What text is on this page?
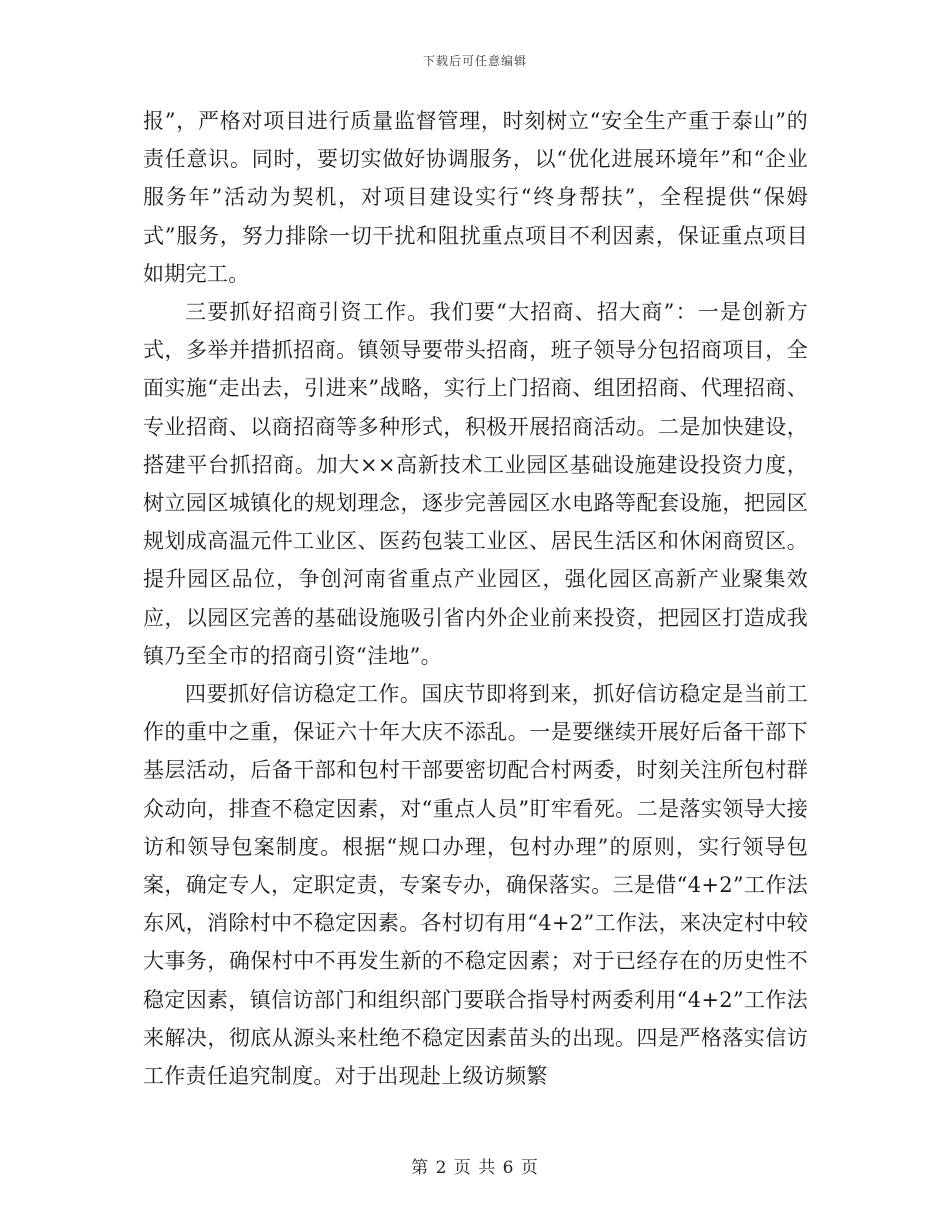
下载后可任意编辑

报”，严格对项目进行质量监督管理，时刻树立“安全生产重于泰山”的责任意识。同时，要切实做好协调服务，以“优化进展环境年”和“企业服务年”活动为契机，对项目建设实行“终身帮扶”，全程提供“保姆式”服务，努力排除一切干扰和阻扰重点项目不利因素，保证重点项目如期完工。

三要抓好招商引资工作。我们要“大招商、招大商”：一是创新方式，多举并措抓招商。镇领导要带头招商，班子领导分包招商项目，全面实施“走出去，引进来”战略，实行上门招商、组团招商、代理招商、专业招商、以商招商等多种形式，积极开展招商活动。二是加快建设，搭建平台抓招商。加大××高新技术工业园区基础设施建设投资力度，树立园区城镇化的规划理念，逐步完善园区水电路等配套设施，把园区规划成高温元件工业区、医药包装工业区、居民生活区和休闲商贸区。提升园区品位，争创河南省重点产业园区，强化园区高新产业聚集效应，以园区完善的基础设施吸引省内外企业前来投资，把园区打造成我镇乃至全市的招商引资“洼地”。

四要抓好信访稳定工作。国庆节即将到来，抓好信访稳定是当前工作的重中之重，保证六十年大庆不添乱。一是要继续开展好后备干部下基层活动，后备干部和包村干部要密切配合村两委，时刻关注所包村群众动向，排查不稳定因素，对“重点人员”盯牢看死。二是落实领导大接访和领导包案制度。根据“规口办理，包村办理”的原则，实行领导包案，确定专人，定职定责，专案专办，确保落实。三是借“4+2”工作法东风，消除村中不稳定因素。各村切有用“4+2”工作法，来决定村中较大事务，确保村中不再发生新的不稳定因素；对于已经存在的历史性不稳定因素，镇信访部门和组织部门要联合指导村两委利用“4+2”工作法来解决，彻底从源头来杜绝不稳定因素苗头的出现。四是严格落实信访工作责任追究制度。对于出现赴上级访频繁

第 2 页 共 6 页
